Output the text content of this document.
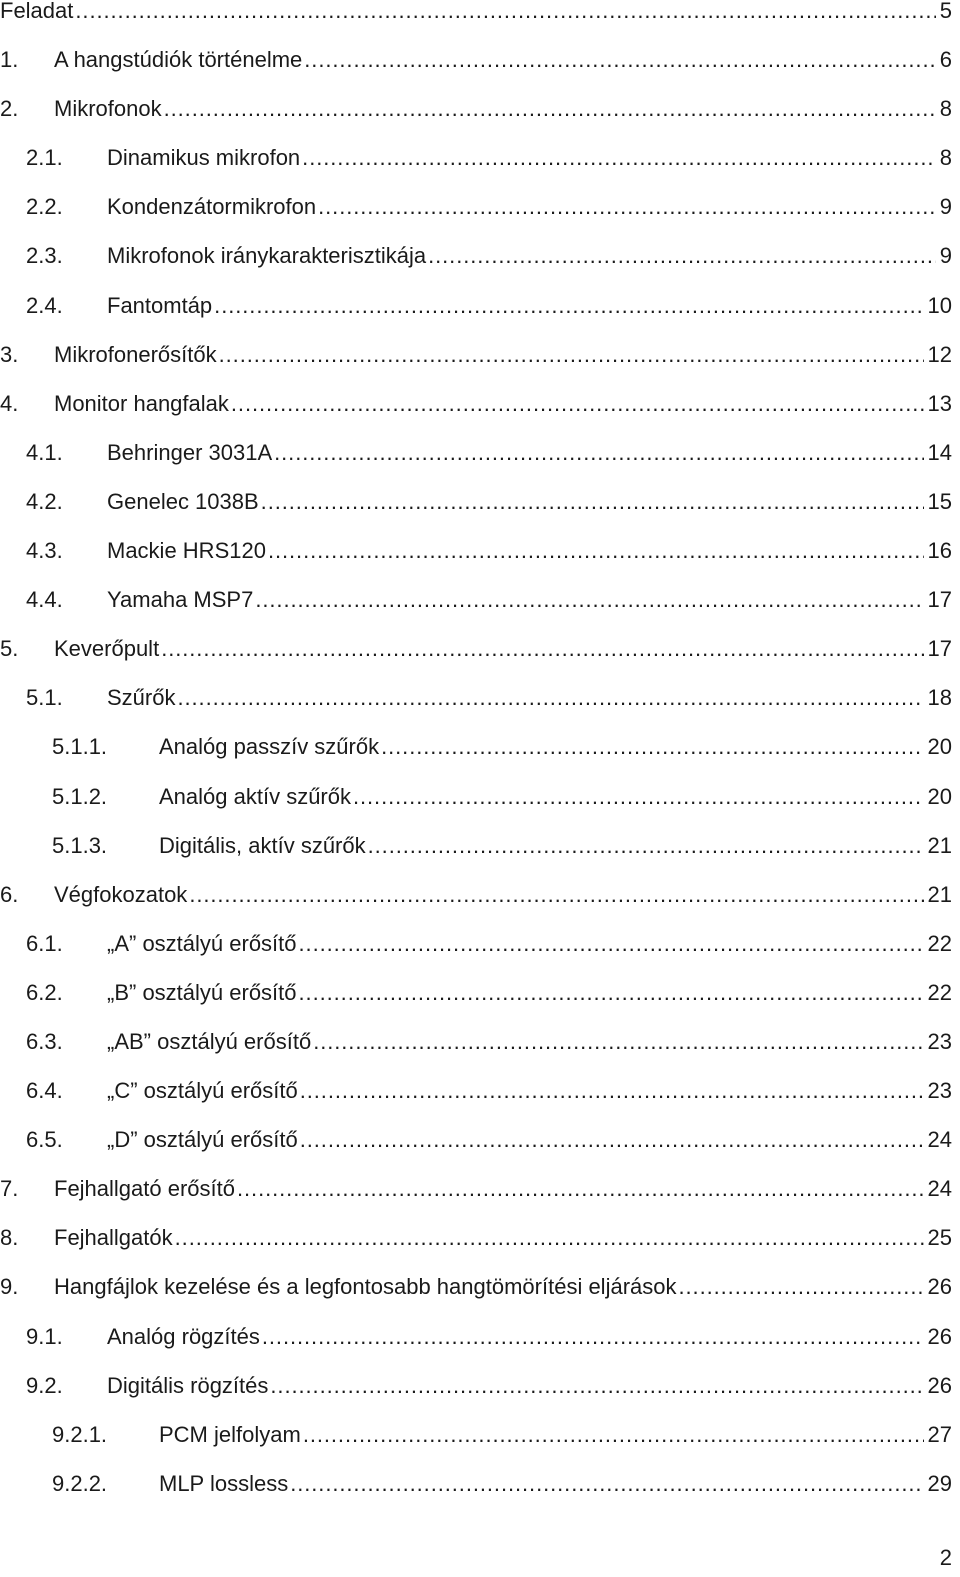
Feladat . . .	5
1.	A hangstúdiók történelme . . .	6
2.	Mikrofonok . . .	8
2.1.	Dinamikus mikrofon . . .	8
2.2.	Kondenzátormikrofon . . .	9
2.3.	Mikrofonok iránykarakterisztikája . . .	9
2.4.	Fantomtáp . . .	10
3.	Mikrofonerősítők . . .	12
4.	Monitor hangfalak . . .	13
4.1.	Behringer 3031A . . .	14
4.2.	Genelec 1038B . . .	15
4.3.	Mackie HRS120 . . .	16
4.4.	Yamaha MSP7 . . .	17
5.	Keverőpult . . .	17
5.1.	Szűrők . . .	18
5.1.1.	Analóg passzív szűrők . . .	20
5.1.2.	Analóg aktív szűrők . . .	20
5.1.3.	Digitális, aktív szűrők . . .	21
6.	Végfokozatok . . .	21
6.1.	„A” osztályú erősítő . . .	22
6.2.	„B” osztályú erősítő . . .	22
6.3.	„AB” osztályú erősítő . . .	23
6.4.	„C” osztályú erősítő . . .	23
6.5.	„D” osztályú erősítő . . .	24
7.	Fejhallgató erősítő . . .	24
8.	Fejhallgatók . . .	25
9.	Hangfájlok kezelése és a legfontosabb hangtömörítési eljárások . . .	26
9.1.	Analóg rögzítés . . .	26
9.2.	Digitális rögzítés . . .	26
9.2.1.	PCM jelfolyam . . .	27
9.2.2.	MLP lossless . . .	29
2
